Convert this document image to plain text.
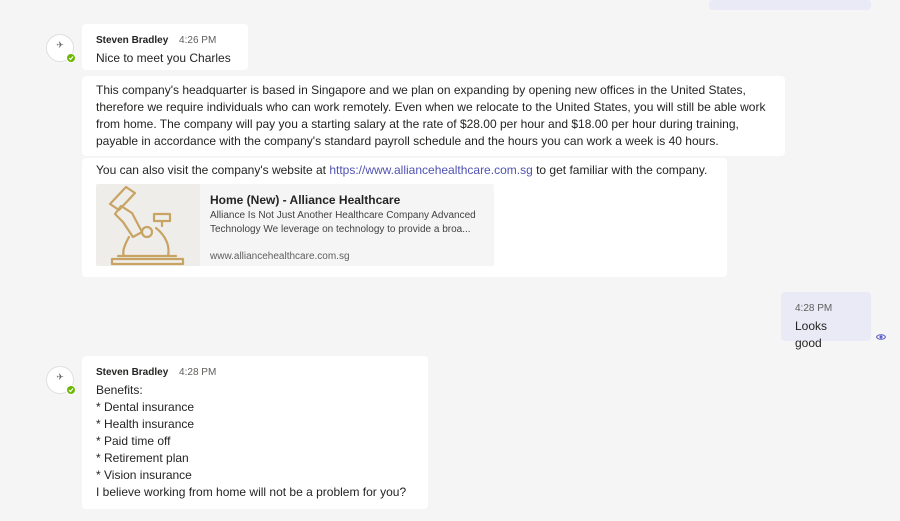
✈	Steven Bradley 4:26 PM
Nice to meet you Charles
This company's headquarter is based in Singapore and we plan on expanding by opening new offices in the United States, therefore we require individuals who can work remotely. Even when we relocate to the United States, you will still be able work from home. The company will pay you a starting salary at the rate of $28.00 per hour and $18.00 per hour during training, payable in accordance with the company's standard payroll schedule and the hours you can work a week is 40 hours.
You can also visit the company's website at https://www.alliancehealthcare.com.sg to get familiar with the company.
Home (New) - Alliance Healthcare
Alliance Is Not Just Another Healthcare Company Advanced Technology We leverage on technology to provide a broa...
www.alliancehealthcare.com.sg
4:28 PM
Looks good
✈	Steven Bradley 4:28 PM
Benefits:
* Dental insurance
* Health insurance
* Paid time off
* Retirement plan
* Vision insurance
I believe working from home will not be a problem for you?
